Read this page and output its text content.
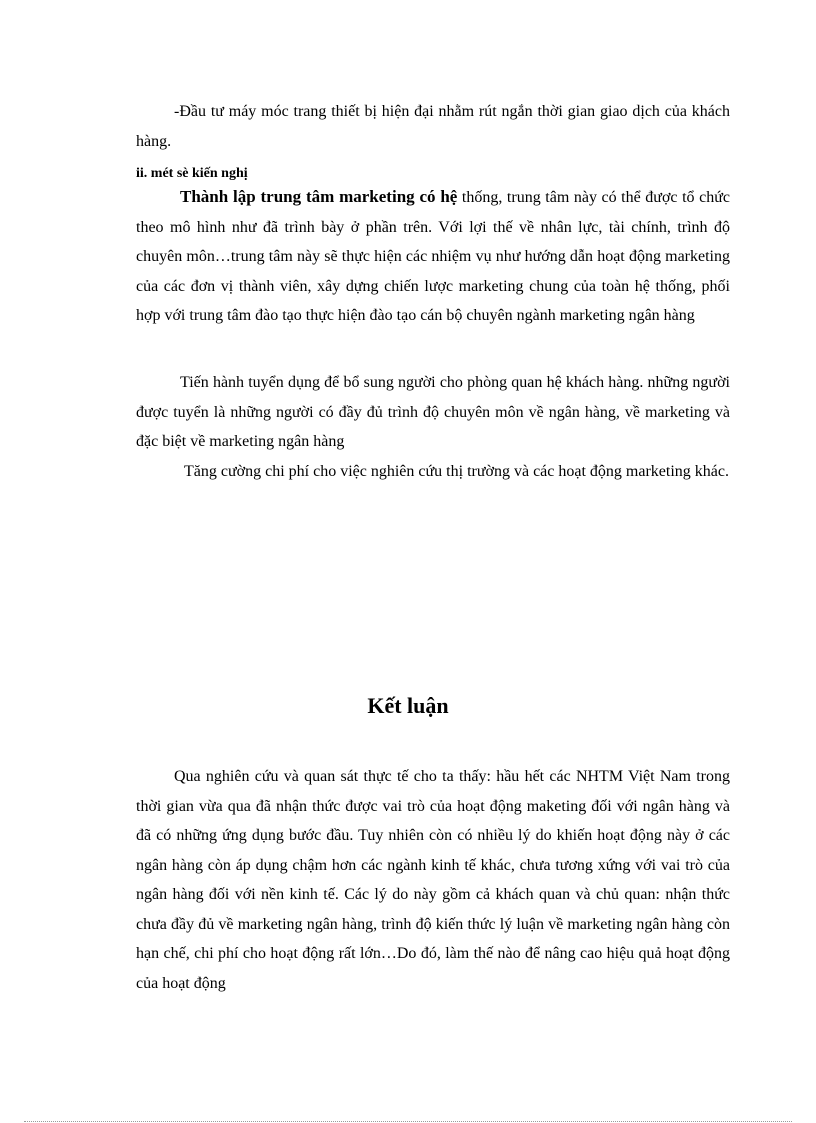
-Đầu tư máy móc trang thiết bị hiện đại nhằm rút ngắn thời gian giao dịch của khách hàng.

ii. mét sè kiến nghị

Thành lập trung tâm marketing có hệ thống, trung tâm này có thể được tổ chức theo mô hình như đã trình bày ở phần trên. Với lợi thế về nhân lực, tài chính, trình độ chuyên môn…trung tâm này sẽ thực hiện các nhiệm vụ như hướng dẫn hoạt động marketing của các đơn vị thành viên, xây dựng chiến lược marketing chung của toàn hệ thống, phối hợp với trung tâm đào tạo thực hiện đào tạo cán bộ chuyên ngành marketing ngân hàng

Tiến hành tuyển dụng để bổ sung người cho phòng quan hệ khách hàng. những người được tuyển là những người có đầy đủ trình độ chuyên môn về ngân hàng, về marketing và đặc biệt về marketing ngân hàng

Tăng cường chi phí cho việc nghiên cứu thị trường và các hoạt động marketing khác.

Kết luận

Qua nghiên cứu và quan sát thực tế cho ta thấy: hầu hết các NHTM Việt Nam trong thời gian vừa qua đã nhận thức được vai trò của hoạt động maketing đối với ngân hàng và đã có những ứng dụng bước đầu. Tuy nhiên còn có nhiều lý do khiến hoạt động này ở các ngân hàng còn áp dụng chậm hơn các ngành kinh tế khác, chưa tương xứng với vai trò của ngân hàng đối với nền kinh tế. Các lý do này gồm cả khách quan và chủ quan: nhận thức chưa đầy đủ về marketing ngân hàng, trình độ kiến thức lý luận về marketing ngân hàng còn hạn chế, chi phí cho hoạt động rất lớn…Do đó, làm thế nào để nâng cao hiệu quả hoạt động của hoạt động
